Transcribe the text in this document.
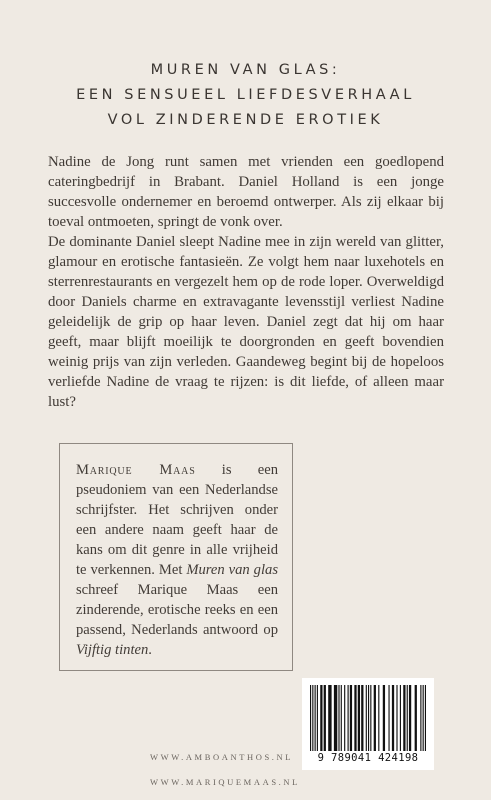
MUREN VAN GLAS:
EEN SENSUEEL LIEFDESVERHAAL
VOL ZINDERENDE EROTIEK

Nadine de Jong runt samen met vrienden een goedlopend cateringbedrijf in Brabant. Daniel Holland is een jonge succesvolle ondernemer en beroemd ontwerper. Als zij elkaar bij toeval ontmoeten, springt de vonk over.

De dominante Daniel sleept Nadine mee in zijn wereld van glitter, glamour en erotische fantasieën. Ze volgt hem naar luxehotels en sterrenrestaurants en vergezelt hem op de rode loper. Overweldigd door Daniels charme en extravagante levensstijl verliest Nadine geleidelijk de grip op haar leven. Daniel zegt dat hij om haar geeft, maar blijft moeilijk te doorgronden en geeft bovendien weinig prijs van zijn verleden. Gaandeweg begint bij de hopeloos verliefde Nadine de vraag te rijzen: is dit liefde, of alleen maar lust?

Marique Maas is een pseudoniem van een Nederlandse schrijfster. Het schrijven onder een andere naam geeft haar de kans om dit genre in alle vrijheid te verkennen. Met Muren van glas schreef Marique Maas een zinderende, erotische reeks en een passend, Nederlands antwoord op Vijftig tinten.
WWW.AMBOANTHOS.NL
WWW.MARIQUEMAAS.NL
9 789041 424198
